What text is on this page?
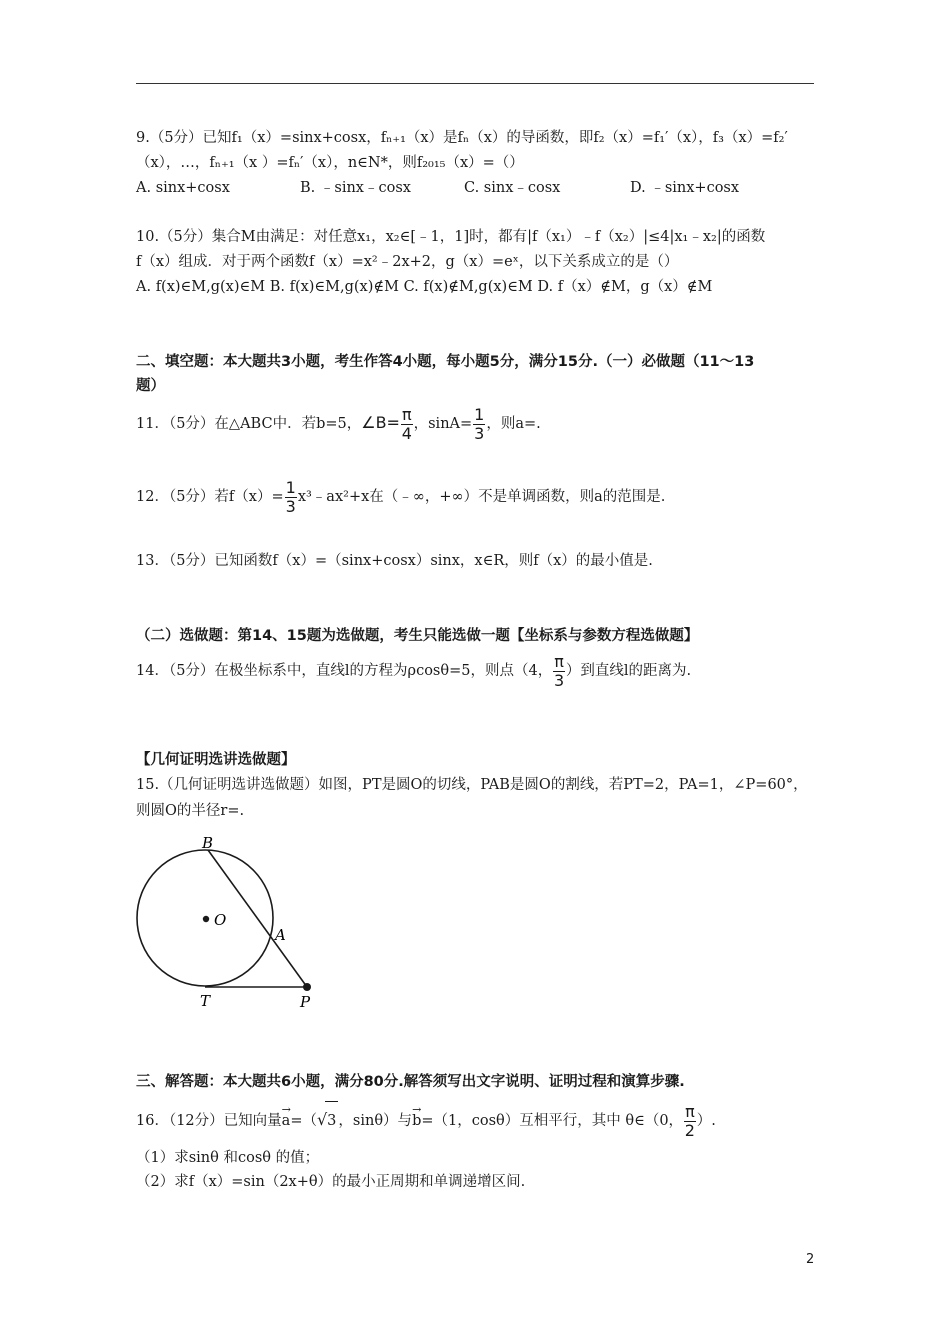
9.（5分）已知f₁（x）=sinx+cosx，fₙ₊₁（x）是fₙ（x）的导函数，即f₂（x）=f₁′（x），f₃（x）=f₂′
（x），…，fₙ₊₁（x ）=fₙ′（x），n∈N*，则f₂₀₁₅（x）=（）
A. sinx+cosx	B. ﹣sinx﹣cosx	C. sinx﹣cosx	D. ﹣sinx+cosx
10.（5分）集合M由满足：对任意x₁，x₂∈[﹣1，1]时，都有|f（x₁）﹣f（x₂）|≤4|x₁﹣x₂|的函数
f（x）组成．对于两个函数f（x）=x²﹣2x+2，g（x）=eˣ，以下关系成立的是（）
A. f(x)∈M,g(x)∈M B. f(x)∈M,g(x)∉M C. f(x)∉M,g(x)∈M D. f（x）∉M，g（x）∉M
二、填空题：本大题共3小题，考生作答4小题，每小题5分，满分15分.（一）必做题（11～13
题）
11．（5分）在△ABC中．若b=5，∠B= $\frac{\pi}{4}$ ，$\sin A= \frac{1}{3}$ ，则a=.
12．（5分）若$f(x)= \frac{1}{3}$ x³﹣ax²+x在（﹣∞，+∞）不是单调函数，则a的范围是.
13．（5分）已知函数f（x）=（sinx+cosx）sinx，x∈R，则f（x）的最小值是.
（二）选做题：第14、15题为选做题，考生只能选做一题【坐标系与参数方程选做题】
14．（5分）在极坐标系中，直线l的方程为ρcosθ=5，则点（4， $\frac{\pi}{3}$ ）到直线l的距离为.
【几何证明选讲选做题】
15.（几何证明选讲选做题）如图，PT是圆O的切线，PAB是圆O的割线，若PT=2，PA=1，∠P=60°，
则圆O的半径r=.
B
O
A
T	P
三、解答题：本大题共6小题，满分80分.解答须写出文字说明、证明过程和演算步骤.
16．（12分）已知向量→ a=（√3 ，sinθ）与→ b=（1，cosθ）互相平行，其中 θ∈（0， $\frac{\pi}{2}$ ）.
（1）求sinθ 和cosθ 的值；
（2）求f（x）=sin（2x+θ）的最小正周期和单调递增区间.
2
